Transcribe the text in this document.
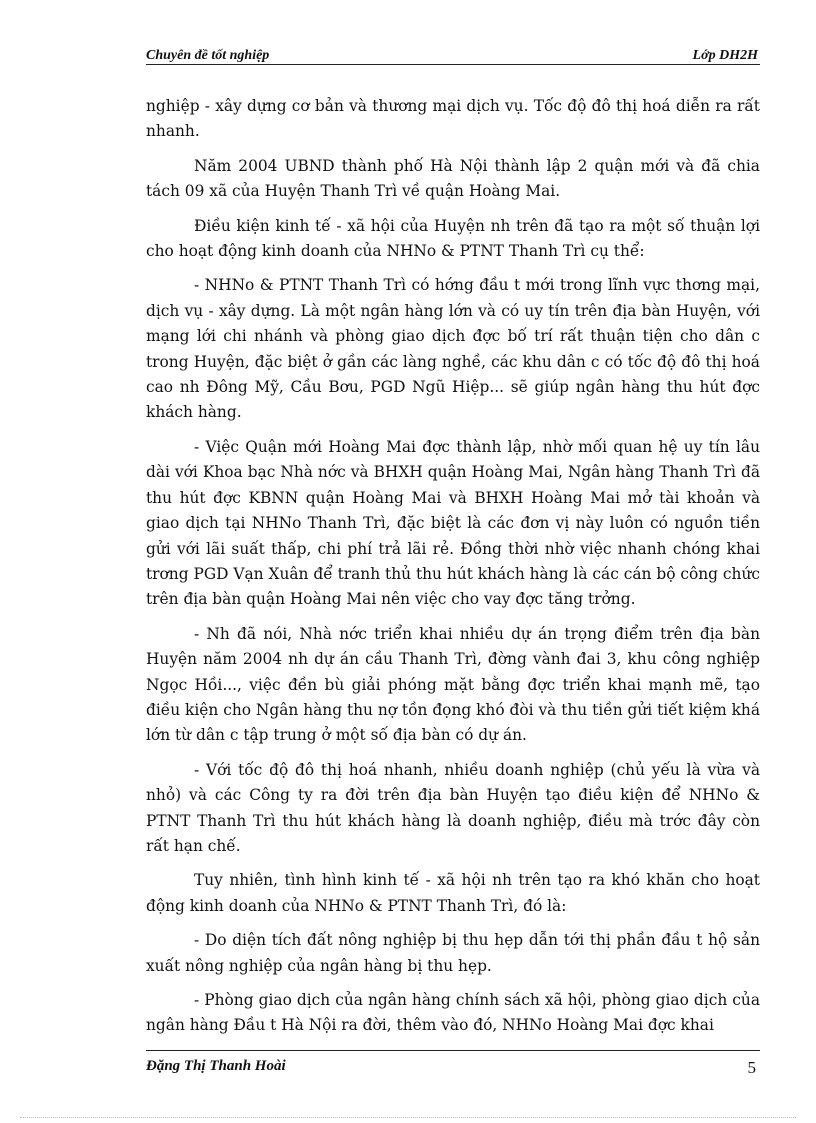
Chuyên đề tốt nghiệp	Lớp DH2H

nghiệp - xây dựng cơ bản và thương mại dịch vụ. Tốc độ đô thị hoá diễn ra rất nhanh.

Năm 2004 UBND thành phố Hà Nội thành lập 2 quận mới và đã chia tách 09 xã của Huyện Thanh Trì về quận Hoàng Mai.

Điều kiện kinh tế - xã hội của Huyện nh trên đã tạo ra một số thuận lợi cho hoạt động kinh doanh của NHNo & PTNT Thanh Trì cụ thể:

- NHNo & PTNT Thanh Trì có hớng đầu t mới trong lĩnh vực thơng mại, dịch vụ - xây dựng. Là một ngân hàng lớn và có uy tín trên địa bàn Huyện, với mạng lới chi nhánh và phòng giao dịch đợc bố trí rất thuận tiện cho dân c trong Huyện, đặc biệt ở gần các làng nghề, các khu dân c có tốc độ đô thị hoá cao nh Đông Mỹ, Cầu Bơu, PGD Ngũ Hiệp... sẽ giúp ngân hàng thu hút đợc khách hàng.

- Việc Quận mới Hoàng Mai đợc thành lập, nhờ mối quan hệ uy tín lâu dài với Khoa bạc Nhà nớc và BHXH quận Hoàng Mai, Ngân hàng Thanh Trì đã thu hút đợc KBNN quận Hoàng Mai và BHXH Hoàng Mai mở tài khoản và giao dịch tại NHNo Thanh Trì, đặc biệt là các đơn vị này luôn có nguồn tiền gửi với lãi suất thấp, chi phí trả lãi rẻ. Đồng thời nhờ việc nhanh chóng khai trơng PGD Vạn Xuân để tranh thủ thu hút khách hàng là các cán bộ công chức trên địa bàn quận Hoàng Mai nên việc cho vay đợc tăng trởng.

- Nh đã nói, Nhà nớc triển khai nhiều dự án trọng điểm trên địa bàn Huyện năm 2004 nh dự án cầu Thanh Trì, đờng vành đai 3, khu công nghiệp Ngọc Hồi..., việc đền bù giải phóng mặt bằng đợc triển khai mạnh mẽ, tạo điều kiện cho Ngân hàng thu nợ tồn đọng khó đòi và thu tiền gửi tiết kiệm khá lớn từ dân c tập trung ở một số địa bàn có dự án.

- Với tốc độ đô thị hoá nhanh, nhiều doanh nghiệp (chủ yếu là vừa và nhỏ) và các Công ty ra đời trên địa bàn Huyện tạo điều kiện để NHNo & PTNT Thanh Trì thu hút khách hàng là doanh nghiệp, điều mà trớc đây còn rất hạn chế.

Tuy nhiên, tình hình kinh tế - xã hội nh trên tạo ra khó khăn cho hoạt động kinh doanh của NHNo & PTNT Thanh Trì, đó là:

- Do diện tích đất nông nghiệp bị thu hẹp dẫn tới thị phần đầu t hộ sản xuất nông nghiệp của ngân hàng bị thu hẹp.

- Phòng giao dịch của ngân hàng chính sách xã hội, phòng giao dịch của ngân hàng Đầu t Hà Nội ra đời, thêm vào đó, NHNo Hoàng Mai đợc khai

Đặng Thị Thanh Hoài	5
